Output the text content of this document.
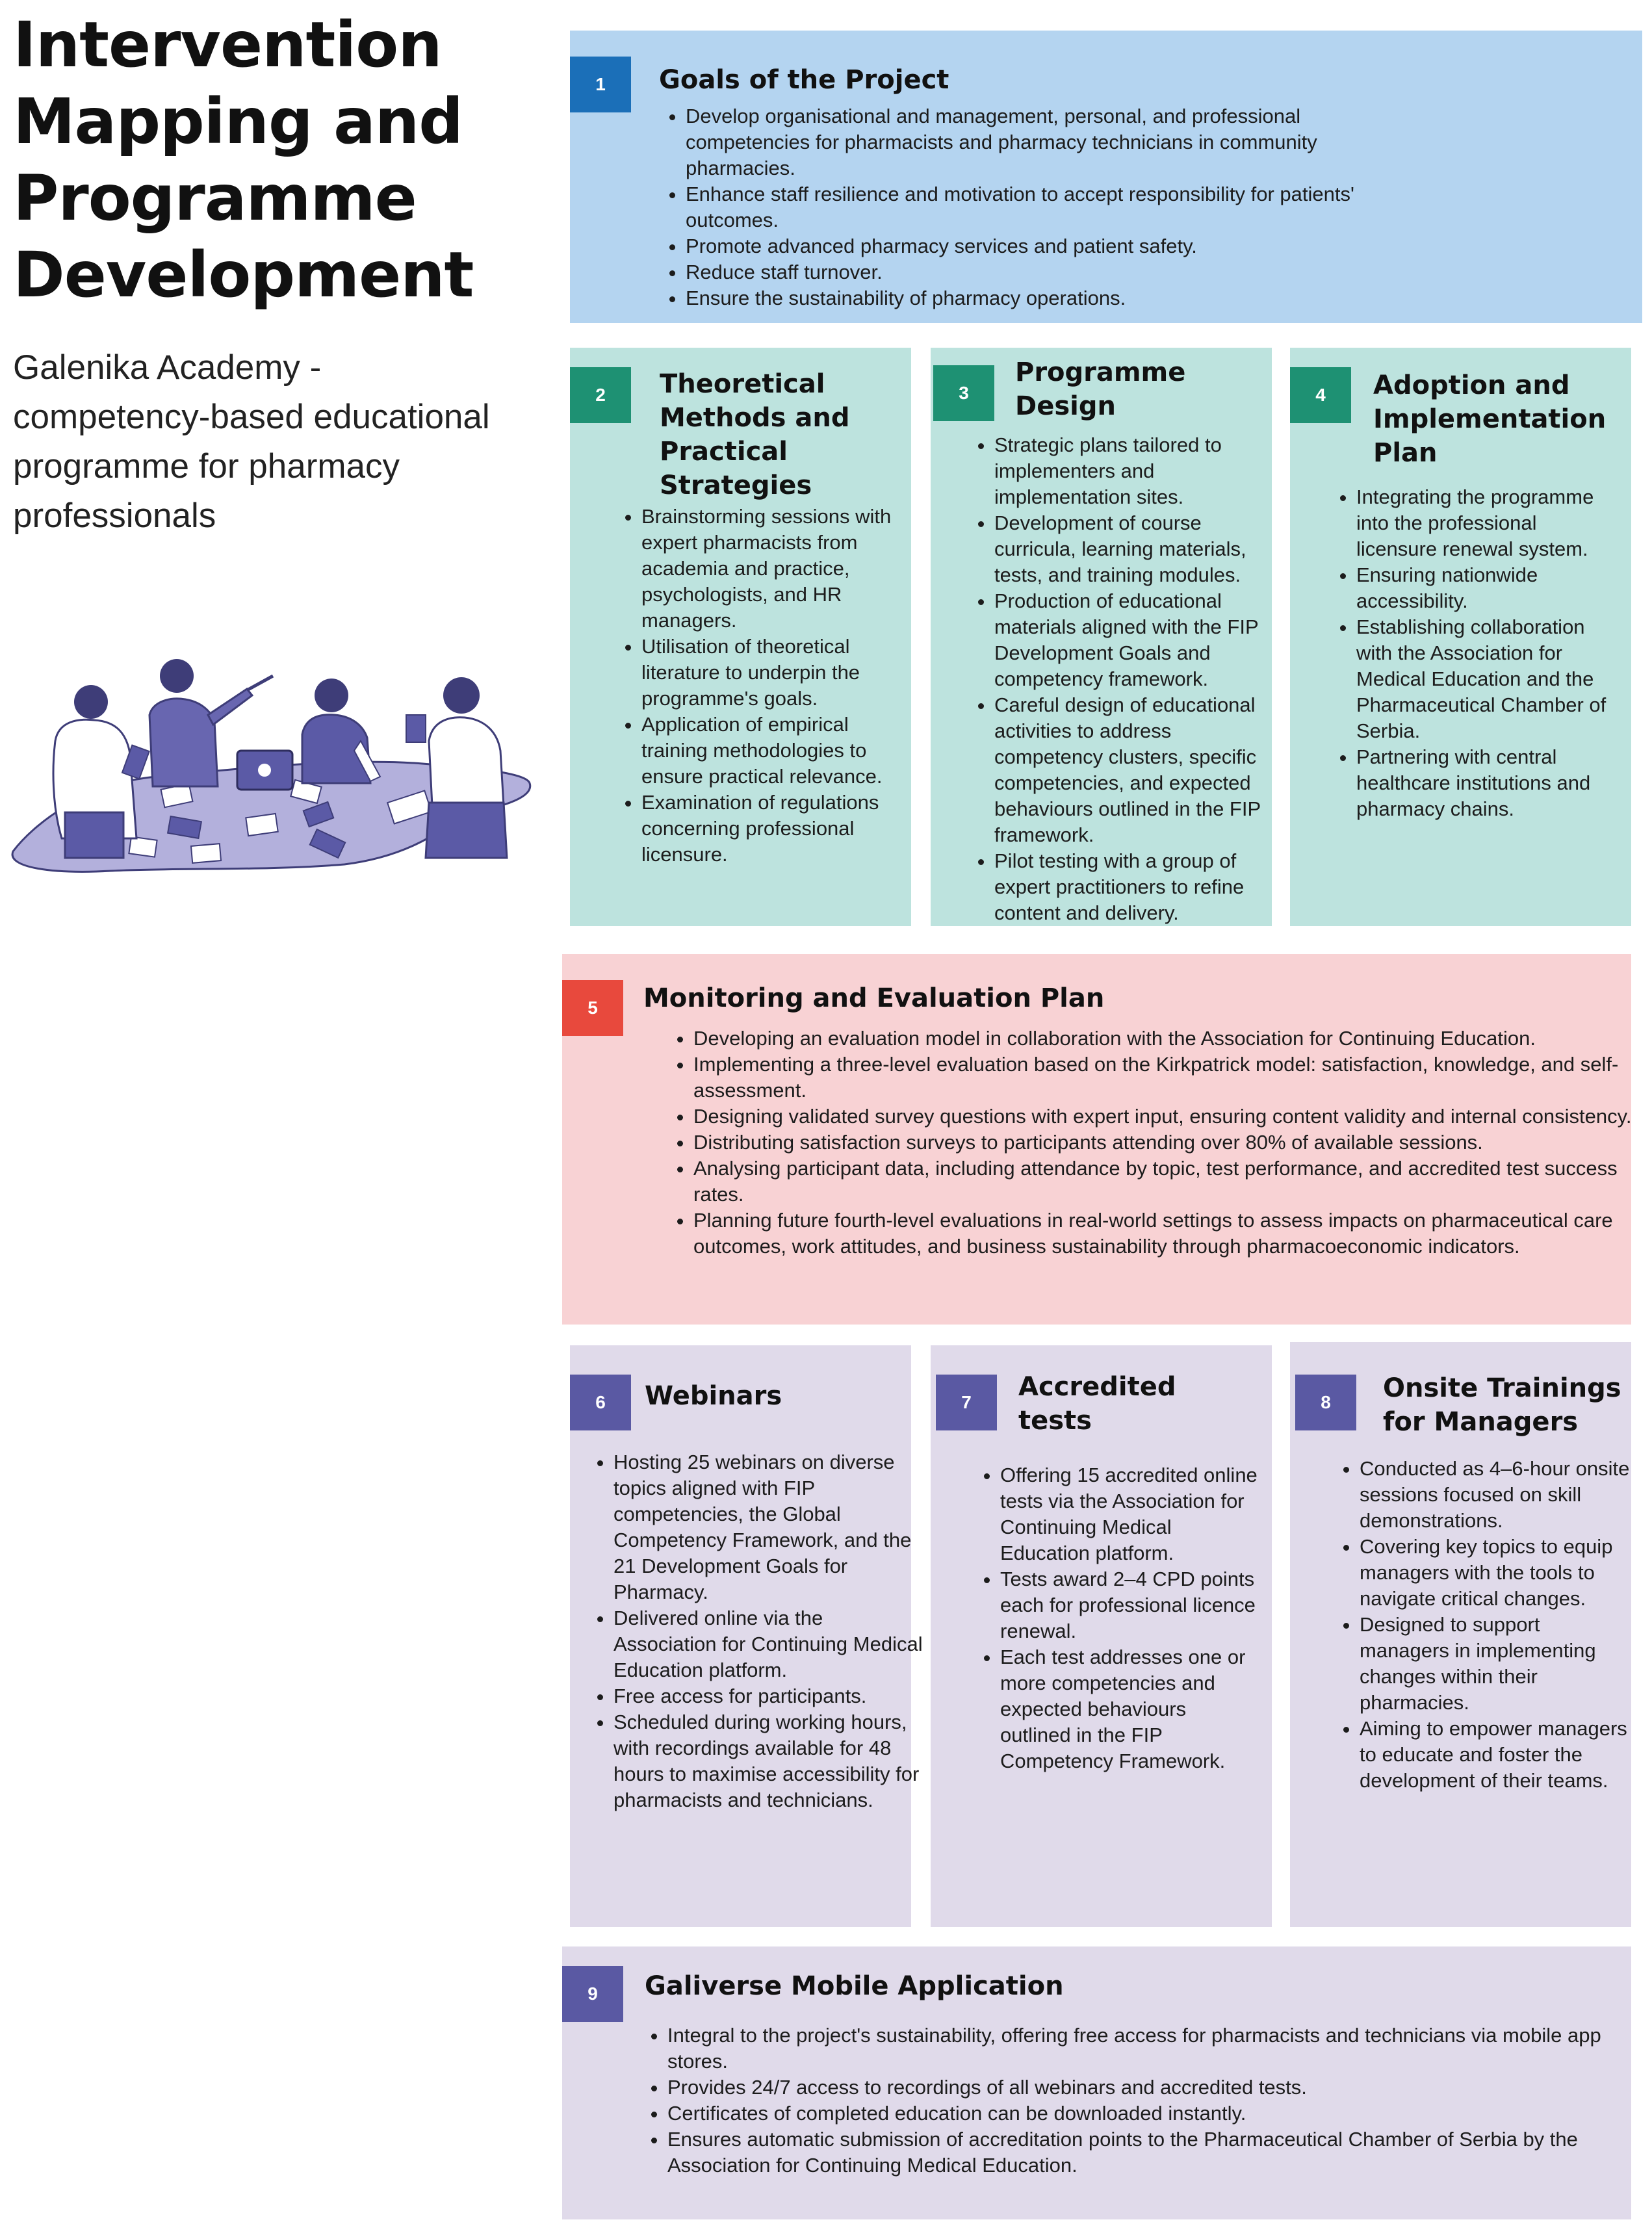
Intervention
Mapping and
Programme
Development

Galenika Academy -
competency-based educational
programme for pharmacy
professionals

1	Goals of the Project
• Develop organisational and management, personal, and professional competencies for pharmacists and pharmacy technicians in community pharmacies.
• Enhance staff resilience and motivation to accept responsibility for patients' outcomes.
• Promote advanced pharmacy services and patient safety.
• Reduce staff turnover.
• Ensure the sustainability of pharmacy operations.
2	Theoretical
Methods and
Practical
Strategies
• Brainstorming sessions with expert pharmacists from academia and practice, psychologists, and HR managers.
• Utilisation of theoretical literature to underpin the programme's goals.
• Application of empirical training methodologies to ensure practical relevance.
• Examination of regulations concerning professional licensure.
3
Programme
Design
• Strategic plans tailored to implementers and implementation sites.
• Development of course curricula, learning materials, tests, and training modules.
• Production of educational materials aligned with the FIP Development Goals and competency framework.
• Careful design of educational activities to address competency clusters, specific competencies, and expected behaviours outlined in the FIP framework.
• Pilot testing with a group of expert practitioners to refine content and delivery.
4	Adoption and
Implementation
Plan
• Integrating the programme into the professional licensure renewal system.
• Ensuring nationwide accessibility.
• Establishing collaboration with the Association for Medical Education and the Pharmaceutical Chamber of Serbia.
• Partnering with central healthcare institutions and pharmacy chains.
5	Monitoring and Evaluation Plan
• Developing an evaluation model in collaboration with the Association for Continuing Education.
• Implementing a three-level evaluation based on the Kirkpatrick model: satisfaction, knowledge, and self-assessment.
• Designing validated survey questions with expert input, ensuring content validity and internal consistency.
• Distributing satisfaction surveys to participants attending over 80% of available sessions.
• Analysing participant data, including attendance by topic, test performance, and accredited test success rates.
• Planning future fourth-level evaluations in real-world settings to assess impacts on pharmaceutical care outcomes, work attitudes, and business sustainability through pharmacoeconomic indicators.
6	Webinars
• Hosting 25 webinars on diverse topics aligned with FIP competencies, the Global Competency Framework, and the 21 Development Goals for Pharmacy.
• Delivered online via the Association for Continuing Medical Education platform.
• Free access for participants.
• Scheduled during working hours, with recordings available for 48 hours to maximise accessibility for pharmacists and technicians.
7
Accredited
tests
• Offering 15 accredited online tests via the Association for Continuing Medical Education platform.
• Tests award 2–4 CPD points each for professional licence renewal.
• Each test addresses one or more competencies and expected behaviours outlined in the FIP Competency Framework.
8	Onsite Trainings
for Managers
• Conducted as 4–6-hour onsite sessions focused on skill demonstrations.
• Covering key topics to equip managers with the tools to navigate critical changes.
• Designed to support managers in implementing changes within their pharmacies.
• Aiming to empower managers to educate and foster the development of their teams.
9	Galiverse Mobile Application
• Integral to the project's sustainability, offering free access for pharmacists and technicians via mobile app stores.
• Provides 24/7 access to recordings of all webinars and accredited tests.
• Certificates of completed education can be downloaded instantly.
• Ensures automatic submission of accreditation points to the Pharmaceutical Chamber of Serbia by the Association for Continuing Medical Education.
